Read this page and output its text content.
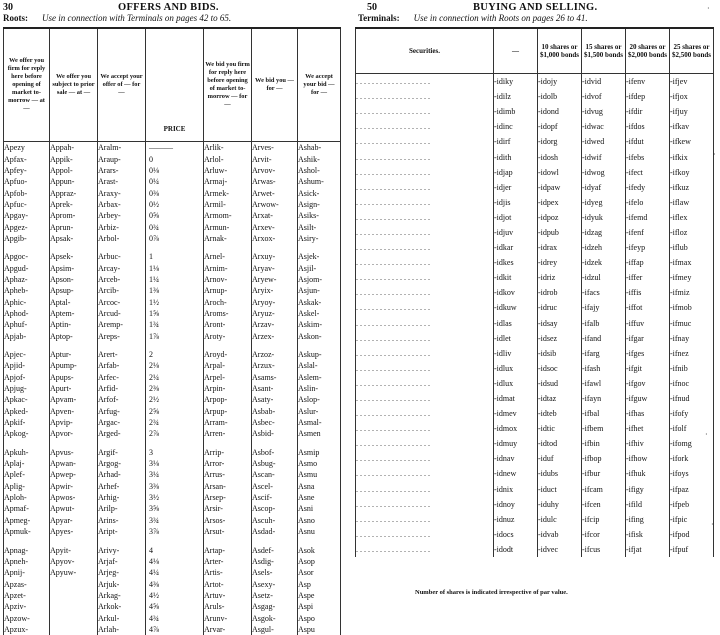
30	OFFERS AND BIDS.
Roots: Use in connection with Terminals on pages 42 to 65.
We offer you firm for reply here before opening of market to-morrow — at —	We offer you subject to prior sale — at —	We accept your offer of — for —	PRICE	We bid you firm for reply here before opening of market to-morrow — for —	We bid you — for —	We accept your bid — for —
Apezy	Appah-	Aralm-	———	Arlik-	Arves-	Ashab-
Apfax-	Appik-	Araup-	0	Arlol-	Arvit-	Ashik-
Apfey-	Appol-	Arars-	0⅛	Arluw-	Arvov-	Ashol-
Apfuo-	Appun-	Arast-	0¼	Armaj-	Arwas-	Ashum-
Apfob-	Appraz-	Araxy-	0⅜	Armek-	Arwet-	Asick-
Apfuc-	Aprek-	Arbax-	0½	Armil-	Arwow-	Asign-
Apgay-	Aprom-	Arbey-	0⅝	Armom-	Arxat-	Asiks-
Apgez-	Aprun-	Arbiz-	0¾	Armun-	Arxev-	Asilt-
Apgib-	Apsak-	Arbol-	0⅞	Arnak-	Arxox-	Asiry-

Apgoc-	Apsek-	Arbuc-	1	Arnel-	Arxuy-	Asjek-
Apgud-	Apsim-	Arcay-	1⅛	Arnim-	Aryav-	Asjil-
Aphaz-	Apson-	Arceb-	1¼	Arnov-	Aryew-	Asjom-
Apheb-	Apsup-	Arcib-	1⅜	Arnup-	Aryix-	Asjun-
Aphic-	Aptal-	Arcoc-	1½	Aroch-	Aryoy-	Askak-
Aphod-	Aptem-	Arcud-	1⅝	Aroms-	Aryuz-	Askel-
Aphuf-	Aptin-	Aremp-	1¾	Aront-	Arzav-	Askim-
Apjab-	Aptop-	Areps-	1⅞	Aroty-	Arzex-	Askon-

Apjec-	Aptur-	Arert-	2	Aroyd-	Arzoz-	Askup-
Apjid-	Apump-	Arfab-	2⅛	Arpal-	Arzux-	Aslal-
Apjof-	Apups-	Arfec-	2¼	Arpel-	Asams-	Aslem-
Apjug-	Apurt-	Arfid-	2⅜	Arpin-	Asant-	Aslin-
Apkac-	Apvam-	Arfof-	2½	Arpop-	Asaty-	Aslop-
Apked-	Apven-	Arfug-	2⅝	Arpup-	Asbab-	Aslur-
Apkif-	Apvip-	Argac-	2¾	Arram-	Asbec-	Asmal-
Apkog-	Apvor-	Arged-	2⅞	Arren-	Asbid-	Asmen

Apkuh-	Apvus-	Argif-	3	Arrip-	Asbof-	Asmip
Aplaj-	Apwan-	Argog-	3⅛	Arror-	Asbug-	Asmo
Aplef-	Apwep-	Arhad-	3¼	Arrus-	Ascan-	Asmu
Aplig-	Apwir-	Arhef-	3⅜	Arsan-	Ascel-	Asna
Aploh-	Apwos-	Arhig-	3½	Arsep-	Ascif-	Asne
Apmaf-	Apwut-	Arilp-	3⅝	Arsir-	Ascop-	Asni
Apmeg-	Apyar-	Arins-	3¾	Arsos-	Ascuh-	Asno
Apmuk-	Apyes-	Aript-	3⅞	Arsut-	Asdad-	Asnu

Apnag-	Apyit-	Arivy-	4	Artap-	Asdef-	Asok
Apneh-	Apyov-	Arjaf-	4⅛	Arter-	Asdig-	Asop
Apnij-	Apyuw-	Arjeg-	4¼	Artis-	Asels-	Asor
Apzas-		Arjuk-	4⅜	Artot-	Asexy-	Asp
Apzet-		Arkag-	4½	Artuv-	Asetz-	Aspe
Apziv-		Arkok-	4⅝	Aruls-	Asgag-	Aspi
Apzow-		Arkul-	4¾	Arunv-	Asgok-	Aspo
Apzux-		Arlah-	4⅞	Arvar-	Asgul-	Aspu
50	BUYING AND SELLING.
Terminals: Use in connection with Roots on pages 26 to 41.
Securities.	—	10 shares or $1,000 bonds	15 shares or $1,500 bonds	20 shares or $2,000 bonds	25 shares or $2,500 bonds
...................	-idiky	-idojy	-idvid	-ifenv	-ifjev
...................	-idilz	-idolb	-idvof	-ifdep	-ifjox
...................	-idimb	-idond	-idvug	-ifdir	-ifjuy
...................	-idinc	-idopf	-idwac	-ifdos	-ifkav
...................	-idirf	-idorg	-idwed	-ifdut	-ifkew
...................	-idith	-idosh	-idwif	-ifebs	-ifkix
...................	-idjap	-idowl	-idwog	-ifect	-ifkoy
...................	-idjer	-idpaw	-idyaf	-ifedy	-ifkuz
...................	-idjis	-idpex	-idyeg	-ifelo	-iflaw
...................	-idjot	-idpoz	-idyuk	-ifemd	-iflex
...................	-idjuv	-idpub	-idzag	-ifenf	-ifloz
...................	-idkar	-idrax	-idzeh	-ifeyp	-iflub
...................	-idkes	-idrey	-idzek	-iffap	-ifmax
...................	-idkit	-idriz	-idzul	-iffer	-ifmey
...................	-idkov	-idrob	-ifacs	-iffis	-ifmiz
...................	-idkuw	-idruc	-ifajy	-iffot	-ifmob
...................	-idlas	-idsay	-ifalb	-iffuv	-ifmuc
...................	-idlet	-idsez	-ifand	-ifgar	-ifnay
...................	-idliv	-idsib	-ifarg	-ifges	-ifnez
...................	-idlux	-idsoc	-ifash	-ifgit	-ifnib
...................	-idlux	-idsud	-ifawl	-ifgov	-ifnoc
...................	-idmat	-idtaz	-ifayn	-ifguw	-ifnud
...................	-idmev	-idteb	-ifbal	-ifhas	-ifofy
...................	-idmox	-idtic	-ifbem	-ifhet	-ifolf
...................	-idmuy	-idtod	-ifbin	-ifhiv	-ifomg
...................	-idnav	-iduf	-ifbop	-ifhow	-ifork
...................	-idnew	-idubs	-ifbur	-ifhuk	-ifoys
...................	-idnix	-iduct	-ifcam	-ifigy	-ifpaz
...................	-idnoy	-iduhy	-ifcen	-ifild	-ifpeb
...................	-idnuz	-idulc	-ifcip	-ifing	-ifpic
...................	-idocs	-idvab	-ifcor	-ifisk	-ifpod
...................	-idodt	-idvec	-ifcus	-ifjat	-ifpuf
Number of shares is indicated irrespective of par value.
·
·
·
·
